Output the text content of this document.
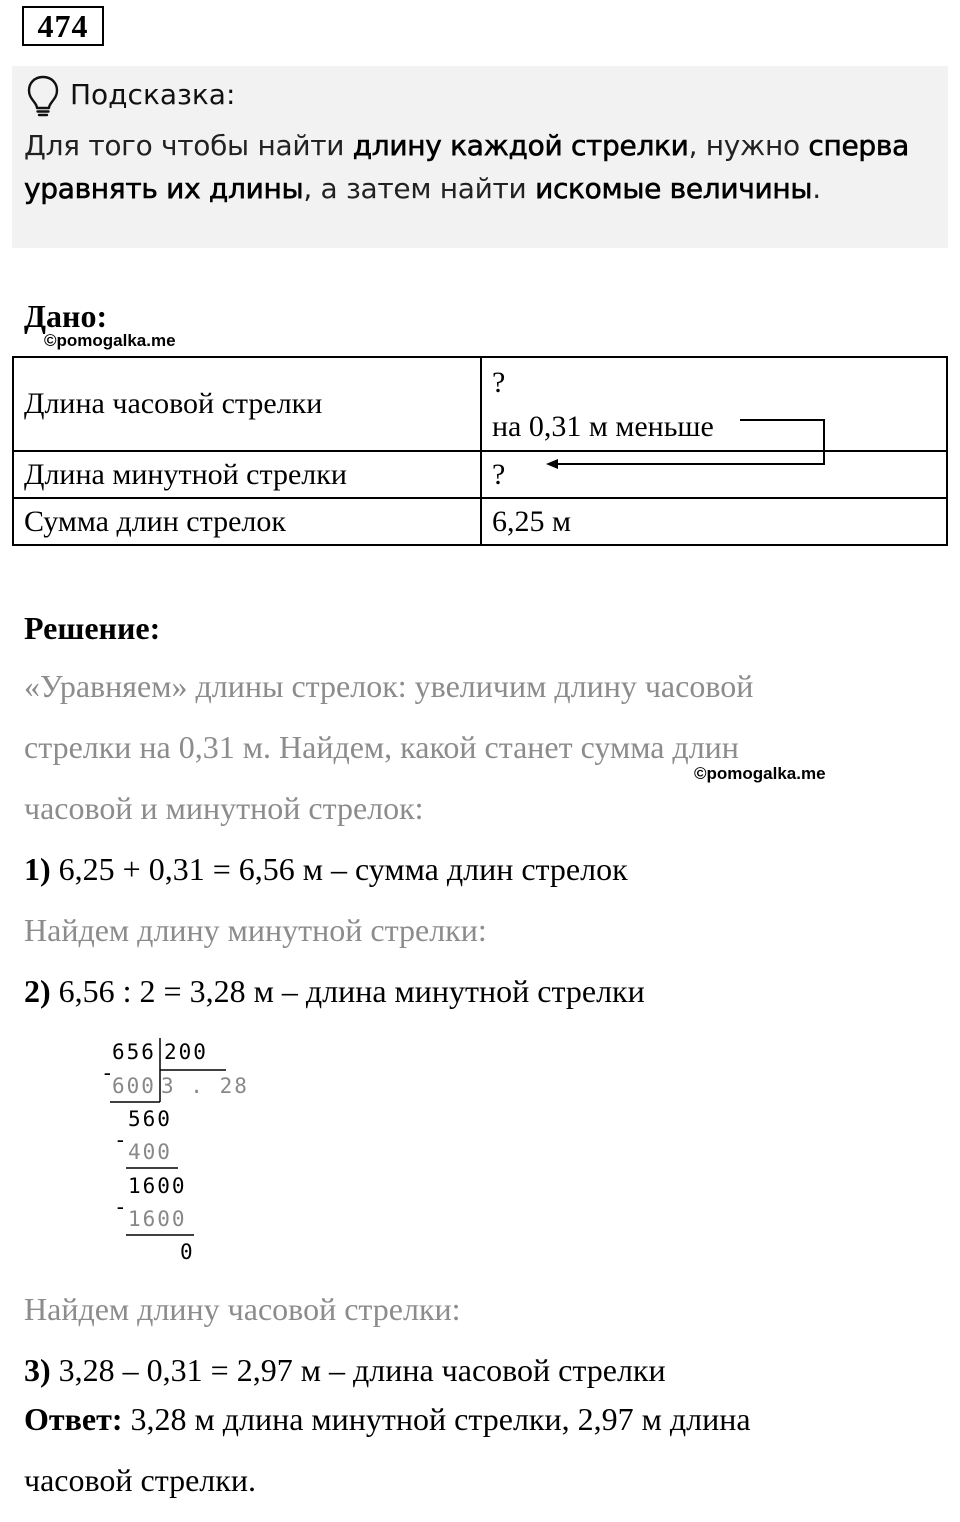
474
Подсказка:
Для того чтобы найти длину каждой стрелки, нужно сперва уравнять их длины, а затем найти искомые величины.
Дано:
©pomogalka.me
Длина часовой стрелки	?
на 0,31 м меньше

Длина минутной стрелки	?
Сумма длин стрелок	6,25 м
Решение:
«Уравняем» длины стрелок: увеличим длину часовой
стрелки на 0,31 м. Найдем, какой станет сумма длин
©pomogalka.me
часовой и минутной стрелок:
1) 6,25 + 0,31 = 6,56 м – сумма длин стрелок
Найдем длину минутной стрелки:
2) 6,56 : 2 = 3,28 м – длина минутной стрелки
656 200
-
600 3 . 28
560
- 400
1600
- 1600
0
Найдем длину часовой стрелки:
3) 3,28 – 0,31 = 2,97 м – длина часовой стрелки
Ответ: 3,28 м длина минутной стрелки, 2,97 м длина
часовой стрелки.
